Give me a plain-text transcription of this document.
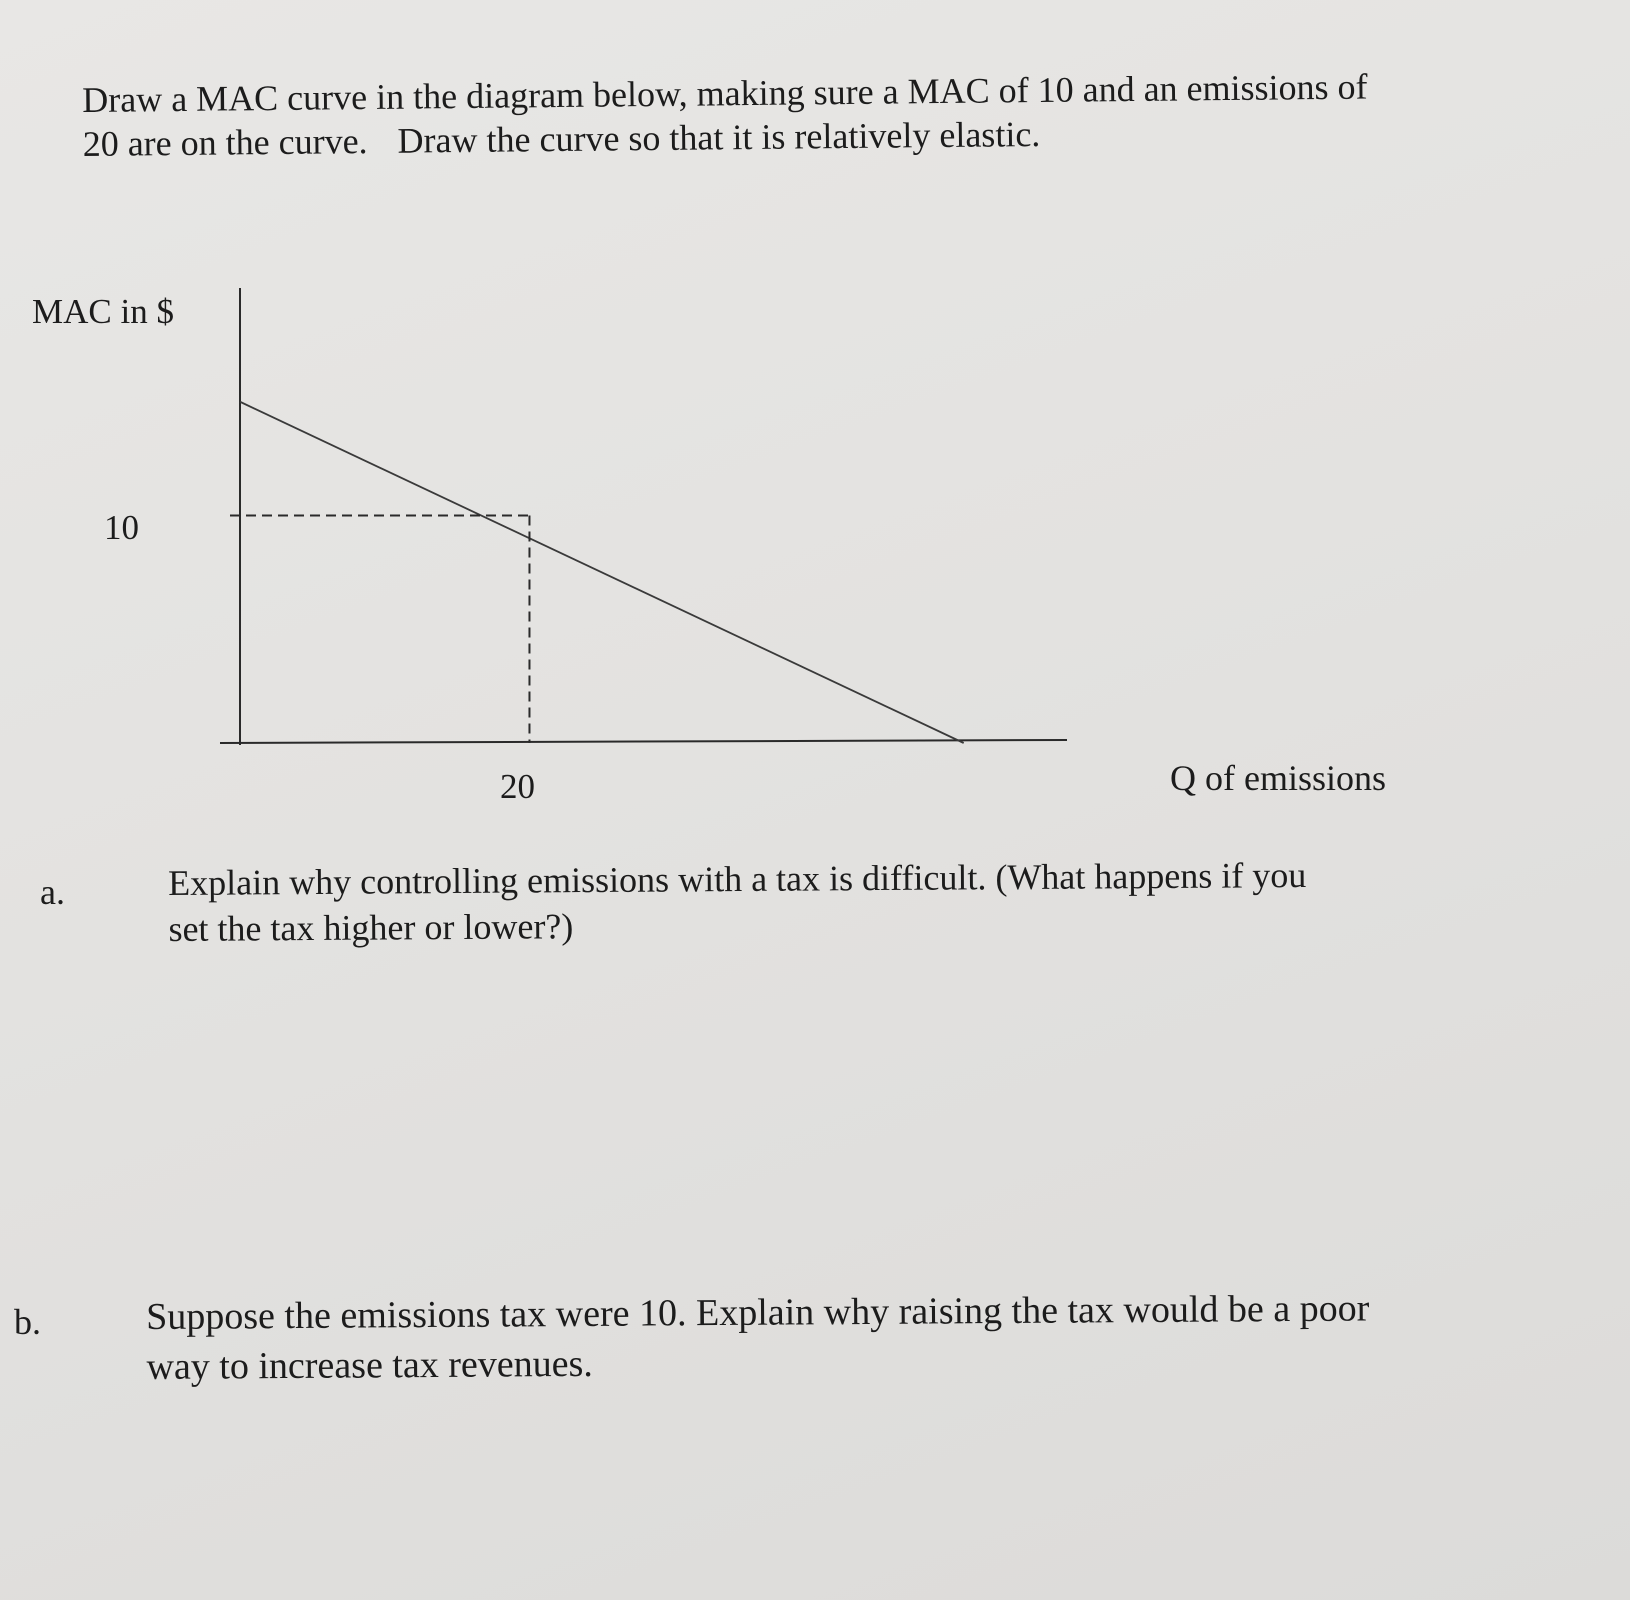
Draw a MAC curve in the diagram below, making sure a MAC of 10 and an emissions of
20 are on the curve. Draw the curve so that it is relatively elastic.
MAC in $
10
20	Q of emissions
a.	Explain why controlling emissions with a tax is difficult. (What happens if you
set the tax higher or lower?)
b.	Suppose the emissions tax were 10. Explain why raising the tax would be a poor
way to increase tax revenues.
